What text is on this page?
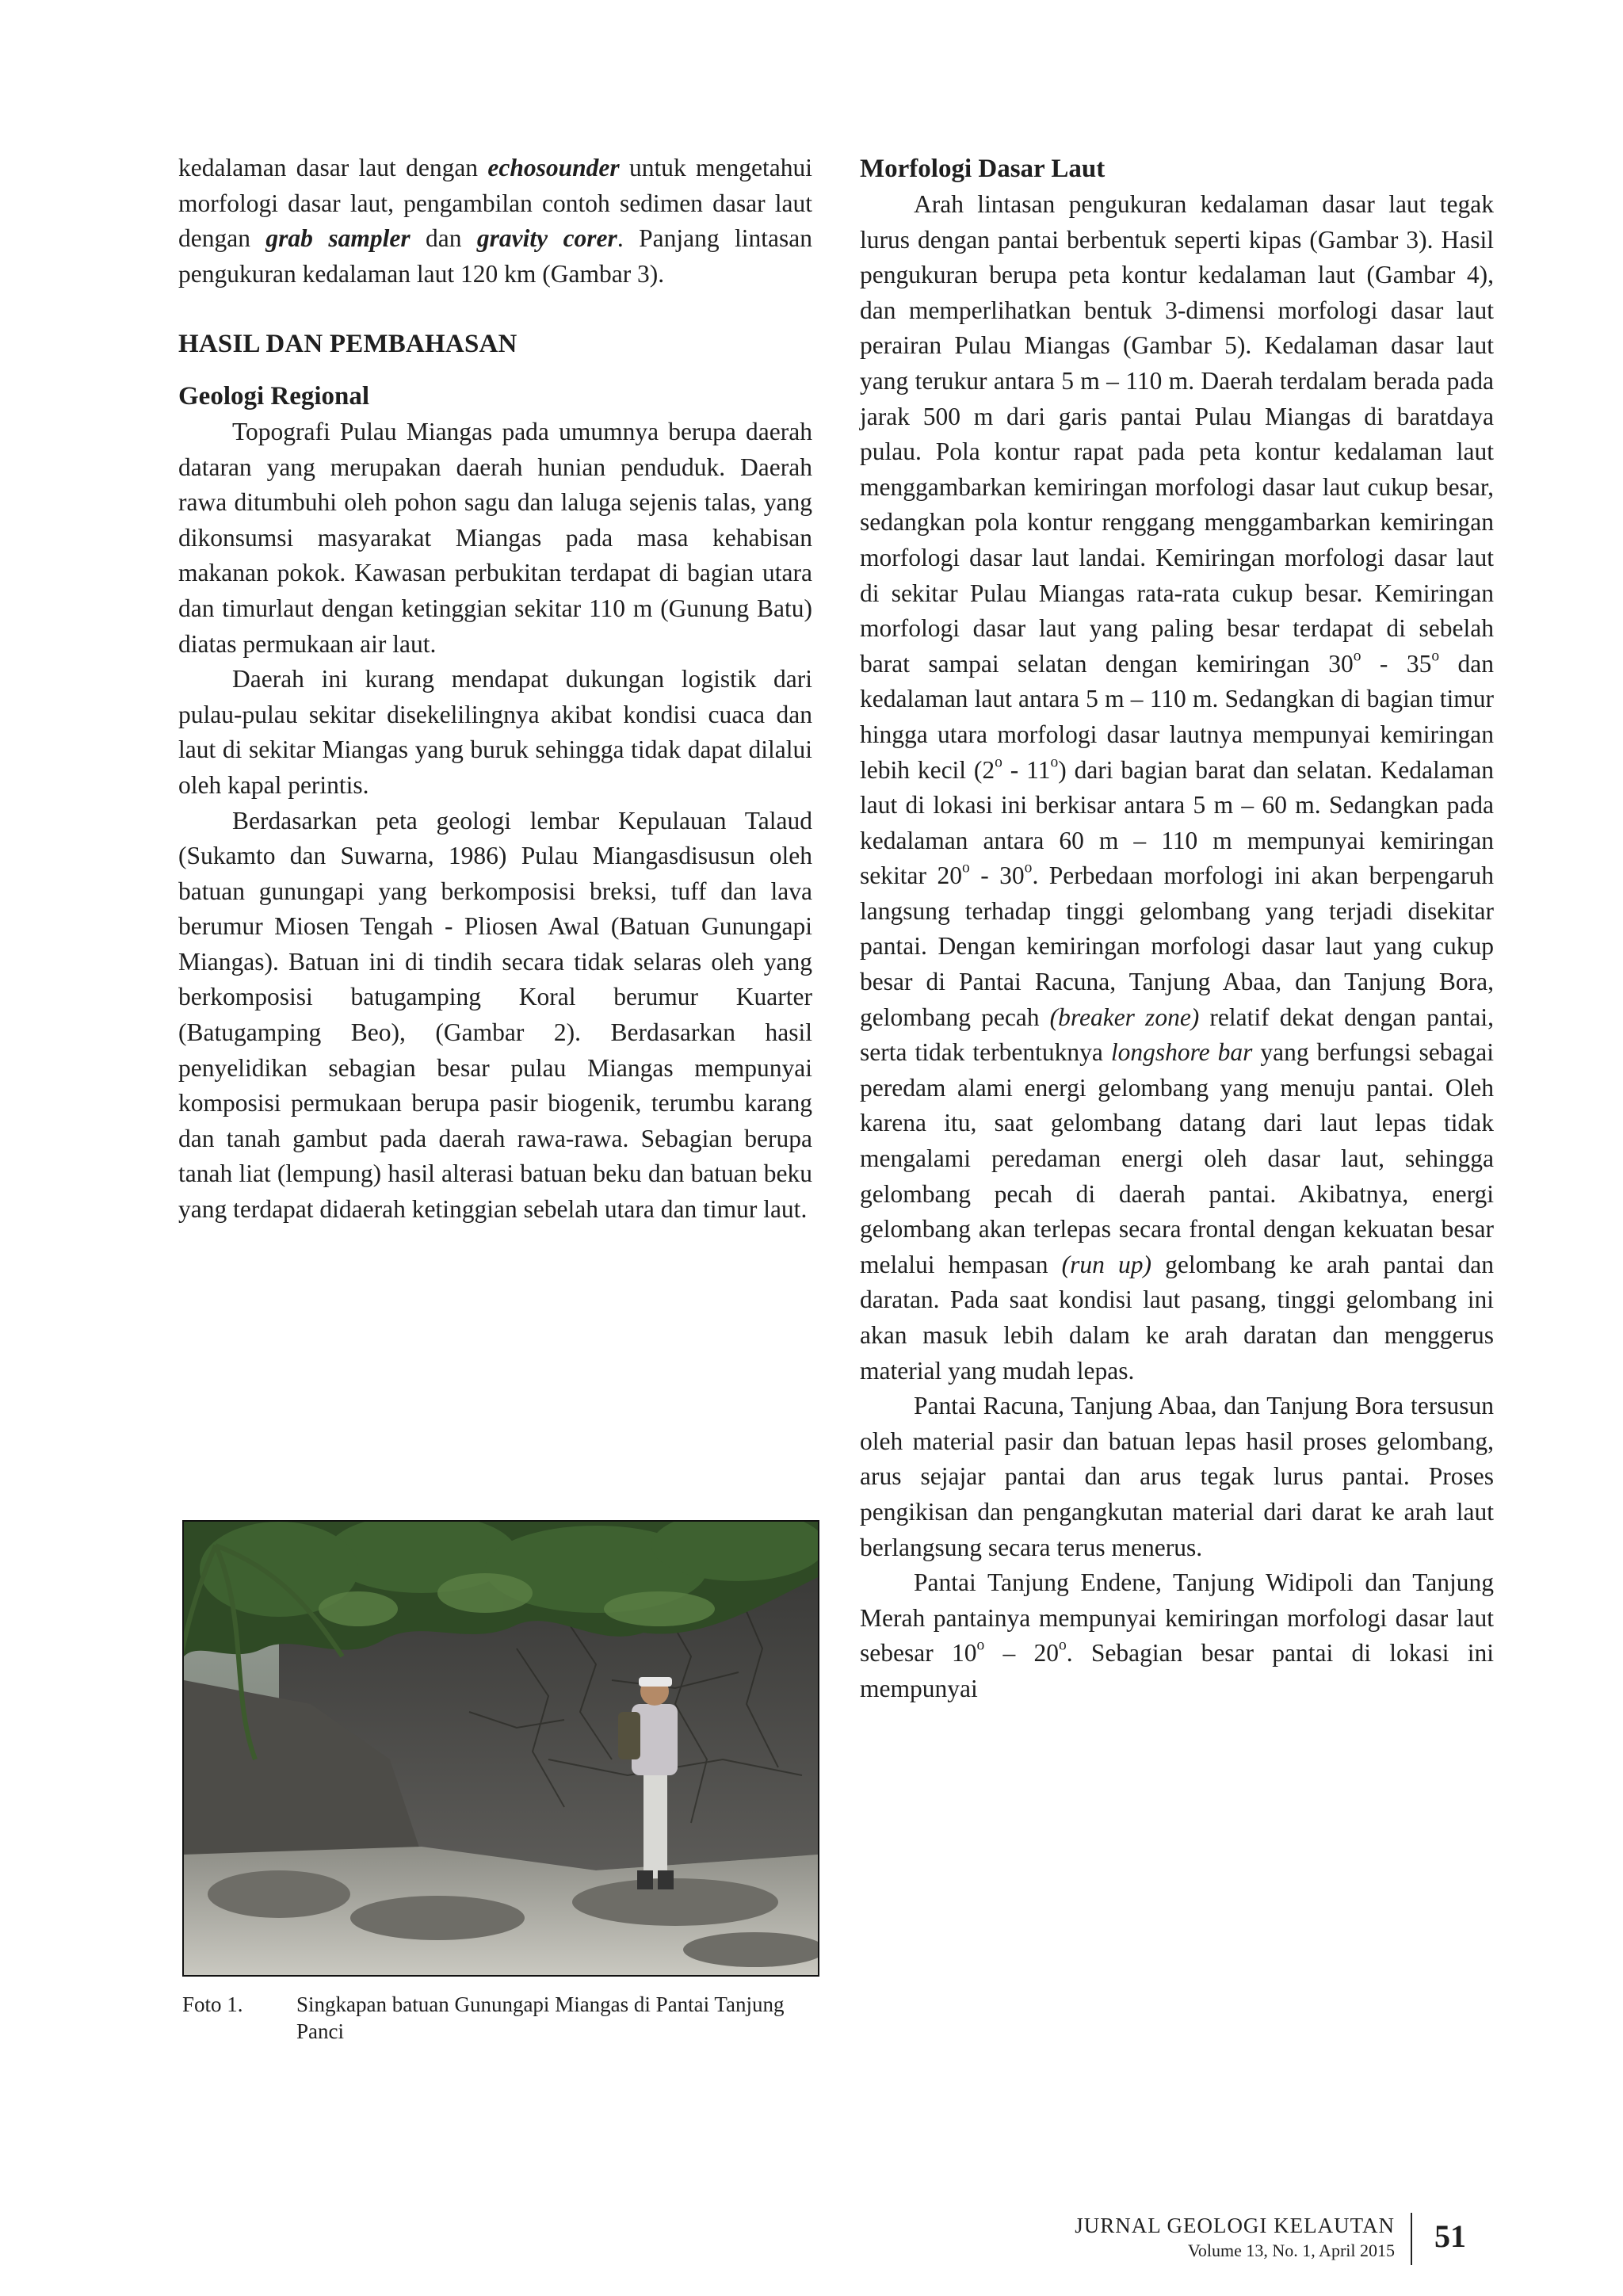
kedalaman dasar laut dengan echosounder untuk mengetahui morfologi dasar laut, pengambilan contoh sedimen dasar laut dengan grab sampler dan gravity corer. Panjang lintasan pengukuran kedalaman laut 120 km (Gambar 3).

HASIL DAN PEMBAHASAN
Geologi Regional

Topografi Pulau Miangas pada umumnya berupa daerah dataran yang merupakan daerah hunian penduduk. Daerah rawa ditumbuhi oleh pohon sagu dan laluga sejenis talas, yang dikonsumsi masyarakat Miangas pada masa kehabisan makanan pokok. Kawasan perbukitan terdapat di bagian utara dan timurlaut dengan ketinggian sekitar 110 m (Gunung Batu) diatas permukaan air laut.

Daerah ini kurang mendapat dukungan logistik dari pulau-pulau sekitar disekelilingnya akibat kondisi cuaca dan laut di sekitar Miangas yang buruk sehingga tidak dapat dilalui oleh kapal perintis.

Berdasarkan peta geologi lembar Kepulauan Talaud (Sukamto dan Suwarna, 1986) Pulau Miangasdisusun oleh batuan gunungapi yang berkomposisi breksi, tuff dan lava berumur Miosen Tengah - Pliosen Awal (Batuan Gunungapi Miangas). Batuan ini di tindih secara tidak selaras oleh yang berkomposisi batugamping Koral berumur Kuarter (Batugamping Beo), (Gambar 2). Berdasarkan hasil penyelidikan sebagian besar pulau Miangas mempunyai komposisi permukaan berupa pasir biogenik, terumbu karang dan tanah gambut pada daerah rawa-rawa. Sebagian berupa tanah liat (lempung) hasil alterasi batuan beku dan batuan beku yang terdapat didaerah ketinggian sebelah utara dan timur laut.

Foto 1.	Singkapan batuan Gunungapi Miangas di Pantai Tanjung Panci
Morfologi Dasar Laut

Arah lintasan pengukuran kedalaman dasar laut tegak lurus dengan pantai berbentuk seperti kipas (Gambar 3). Hasil pengukuran berupa peta kontur kedalaman laut (Gambar 4), dan memperlihatkan bentuk 3-dimensi morfologi dasar laut perairan Pulau Miangas (Gambar 5). Kedalaman dasar laut yang terukur antara 5 m – 110 m. Daerah terdalam berada pada jarak 500 m dari garis pantai Pulau Miangas di baratdaya pulau. Pola kontur rapat pada peta kontur kedalaman laut menggambarkan kemiringan morfologi dasar laut cukup besar, sedangkan pola kontur renggang menggambarkan kemiringan morfologi dasar laut landai. Kemiringan morfologi dasar laut di sekitar Pulau Miangas rata-rata cukup besar. Kemiringan morfologi dasar laut yang paling besar terdapat di sebelah barat sampai selatan dengan kemiringan 30$^o$ - 35$^o$ dan kedalaman laut antara 5 m – 110 m. Sedangkan di bagian timur hingga utara morfologi dasar lautnya mempunyai kemiringan lebih kecil (2$^o$ - 11$^o$) dari bagian barat dan selatan. Kedalaman laut di lokasi ini berkisar antara 5 m – 60 m. Sedangkan pada kedalaman antara 60 m – 110 m mempunyai kemiringan sekitar 20$^o$ - 30$^o$. Perbedaan morfologi ini akan berpengaruh langsung terhadap tinggi gelombang yang terjadi disekitar pantai. Dengan kemiringan morfologi dasar laut yang cukup besar di Pantai Racuna, Tanjung Abaa, dan Tanjung Bora, gelombang pecah (breaker zone) relatif dekat dengan pantai, serta tidak terbentuknya longshore bar yang berfungsi sebagai peredam alami energi gelombang yang menuju pantai. Oleh karena itu, saat gelombang datang dari laut lepas tidak mengalami peredaman energi oleh dasar laut, sehingga gelombang pecah di daerah pantai. Akibatnya, energi gelombang akan terlepas secara frontal dengan kekuatan besar melalui hempasan (run up) gelombang ke arah pantai dan daratan. Pada saat kondisi laut pasang, tinggi gelombang ini akan masuk lebih dalam ke arah daratan dan menggerus material yang mudah lepas.

Pantai Racuna, Tanjung Abaa, dan Tanjung Bora tersusun oleh material pasir dan batuan lepas hasil proses gelombang, arus sejajar pantai dan arus tegak lurus pantai. Proses pengikisan dan pengangkutan material dari darat ke arah laut berlangsung secara terus menerus.

Pantai Tanjung Endene, Tanjung Widipoli dan Tanjung Merah pantainya mempunyai kemiringan morfologi dasar laut sebesar 10$^o$ – 20$^o$. Sebagian besar pantai di lokasi ini mempunyai

JURNAL GEOLOGI KELAUTAN
Volume 13, No. 1, April 2015 51
